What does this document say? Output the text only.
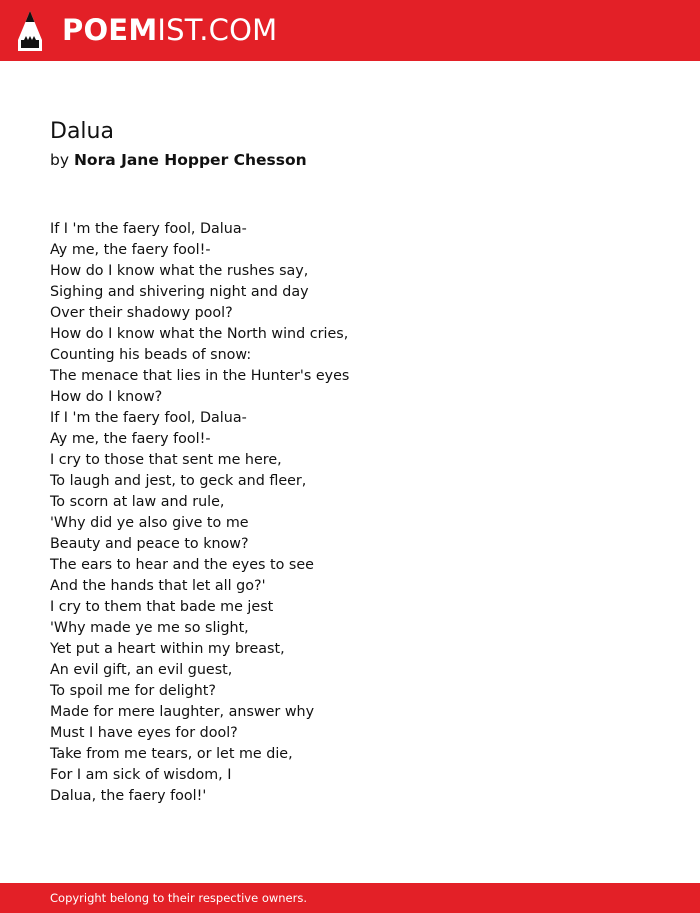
POEMIST.COM
Dalua
by Nora Jane Hopper Chesson
If I 'm the faery fool, Dalua-
Ay me, the faery fool!-
How do I know what the rushes say,
Sighing and shivering night and day
Over their shadowy pool?
How do I know what the North wind cries,
Counting his beads of snow:
The menace that lies in the Hunter's eyes
How do I know?
If I 'm the faery fool, Dalua-
Ay me, the faery fool!-
I cry to those that sent me here,
To laugh and jest, to geck and fleer,
To scorn at law and rule,
'Why did ye also give to me
Beauty and peace to know?
The ears to hear and the eyes to see
And the hands that let all go?'
I cry to them that bade me jest
'Why made ye me so slight,
Yet put a heart within my breast,
An evil gift, an evil guest,
To spoil me for delight?
Made for mere laughter, answer why
Must I have eyes for dool?
Take from me tears, or let me die,
For I am sick of wisdom, I
Dalua, the faery fool!'
Copyright belong to their respective owners.
